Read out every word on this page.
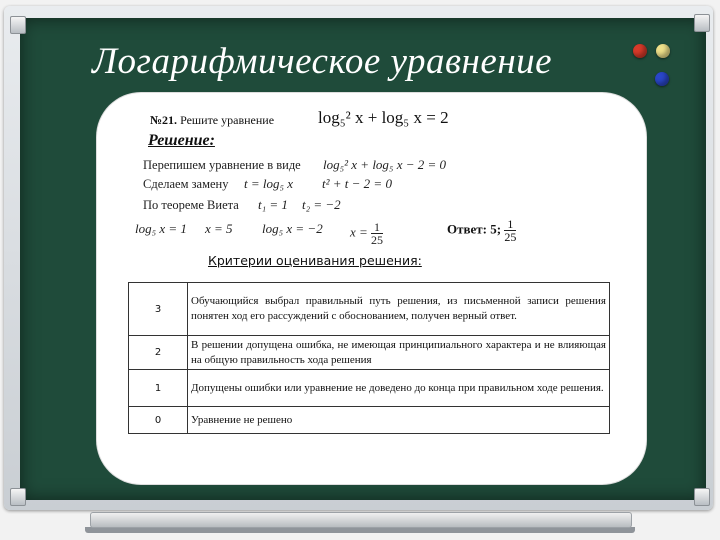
Логарифмическое уравнение
№21. Решите уравнение	log₅² x + log₅ x = 2
Решение:
Перепишем уравнение в виде log₅² x + log₅ x − 2 = 0
Сделаем замену t = log₅ x t² + t − 2 = 0
По теореме Виета t₁ = 1 t₂ = −2
log₅ x = 1 x = 5 log₅ x = −2 $x = \frac{1}{25}$	Ответ: 5; $\frac{1}{25}$
Критерии оценивания решения:
3	Обучающийся выбрал правильный путь решения, из письменной записи решения понятен ход его рассуждений с обоснованием, получен верный ответ.
2	В решении допущена ошибка, не имеющая принципиального характера и не влияющая на общую правильность хода решения
1	Допущены ошибки или уравнение не доведено до конца при правильном ходе решения.
0	Уравнение не решено
